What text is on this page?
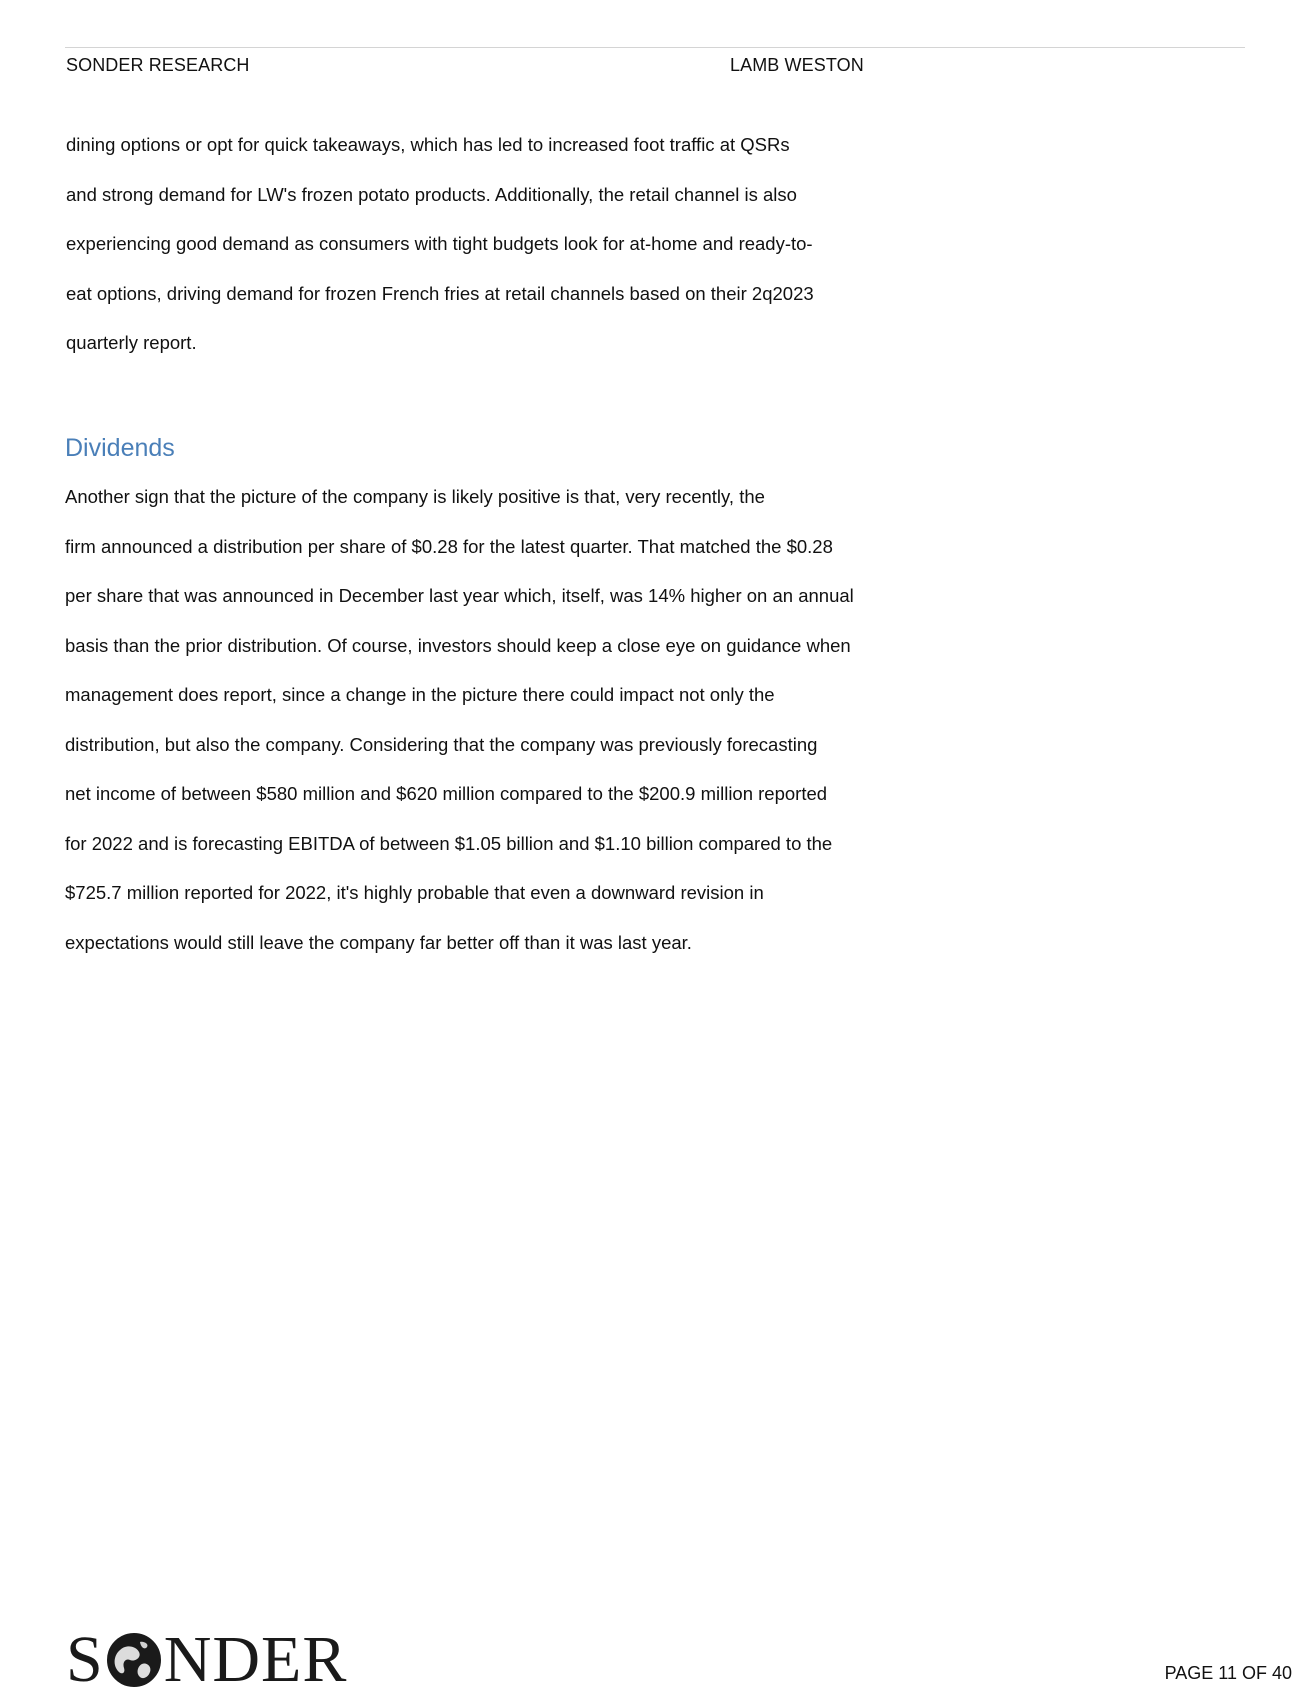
SONDER RESEARCH	LAMB WESTON

dining options or opt for quick takeaways, which has led to increased foot traffic at QSRs
and strong demand for LW's frozen potato products. Additionally, the retail channel is also
experiencing good demand as consumers with tight budgets look for at-home and ready-to-
eat options, driving demand for frozen French fries at retail channels based on their 2q2023
quarterly report.

Dividends

Another sign that the picture of the company is likely positive is that, very recently, the
firm announced a distribution per share of $0.28 for the latest quarter. That matched the $0.28
per share that was announced in December last year which, itself, was 14% higher on an annual
basis than the prior distribution. Of course, investors should keep a close eye on guidance when
management does report, since a change in the picture there could impact not only the
distribution, but also the company. Considering that the company was previously forecasting
net income of between $580 million and $620 million compared to the $200.9 million reported
for 2022 and is forecasting EBITDA of between $1.05 billion and $1.10 billion compared to the
$725.7 million reported for 2022, it's highly probable that even a downward revision in
expectations would still leave the company far better off than it was last year.

S NDER	PAGE 11 OF 40
